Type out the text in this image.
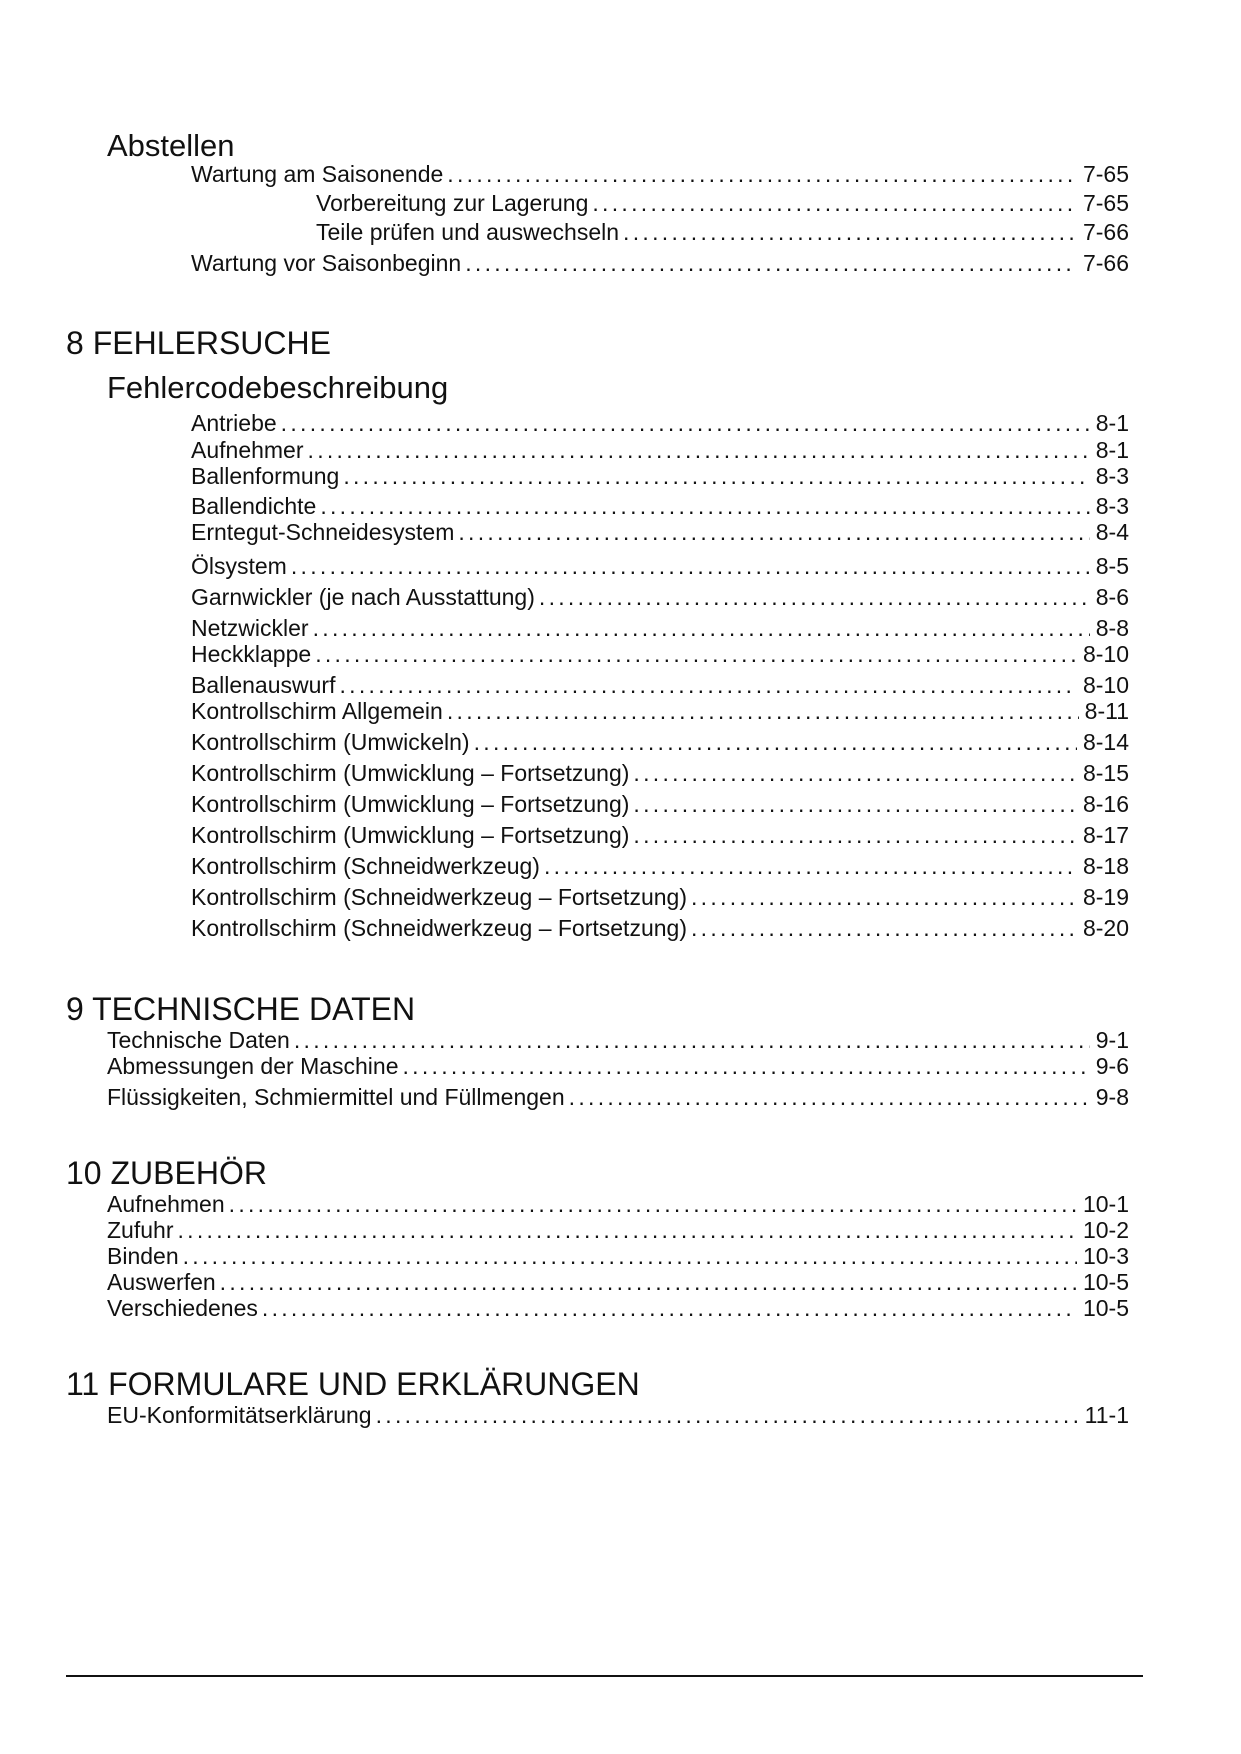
Abstellen
Wartung am Saisonende . . .	7-65
Vorbereitung zur Lagerung . . .	7-65
Teile prüfen und auswechseln . . .	7-66
Wartung vor Saisonbeginn . . .	7-66
8 FEHLERSUCHE
Fehlercodebeschreibung
Antriebe . . .	8-1
Aufnehmer . . .	8-1
Ballenformung . . .	8-3
Ballendichte . . .	8-3
Erntegut-Schneidesystem . . .	8-4
Ölsystem . . .	8-5
Garnwickler (je nach Ausstattung) . . .	8-6
Netzwickler . . .	8-8
Heckklappe . . .	8-10
Ballenauswurf . . .	8-10
Kontrollschirm Allgemein . . .	8-11
Kontrollschirm (Umwickeln) . . .	8-14
Kontrollschirm (Umwicklung – Fortsetzung) . . .	8-15
Kontrollschirm (Umwicklung – Fortsetzung) . . .	8-16
Kontrollschirm (Umwicklung – Fortsetzung) . . .	8-17
Kontrollschirm (Schneidwerkzeug) . . .	8-18
Kontrollschirm (Schneidwerkzeug – Fortsetzung) . . .	8-19
Kontrollschirm (Schneidwerkzeug – Fortsetzung) . . .	8-20
9 TECHNISCHE DATEN
Technische Daten . . .	9-1
Abmessungen der Maschine . . .	9-6
Flüssigkeiten, Schmiermittel und Füllmengen . . .	9-8
10 ZUBEHÖR
Aufnehmen . . .	10-1
Zufuhr . . .	10-2
Binden . . .	10-3
Auswerfen . . .	10-5
Verschiedenes . . .	10-5
11 FORMULARE UND ERKLÄRUNGEN
EU-Konformitätserklärung . . .	11-1
